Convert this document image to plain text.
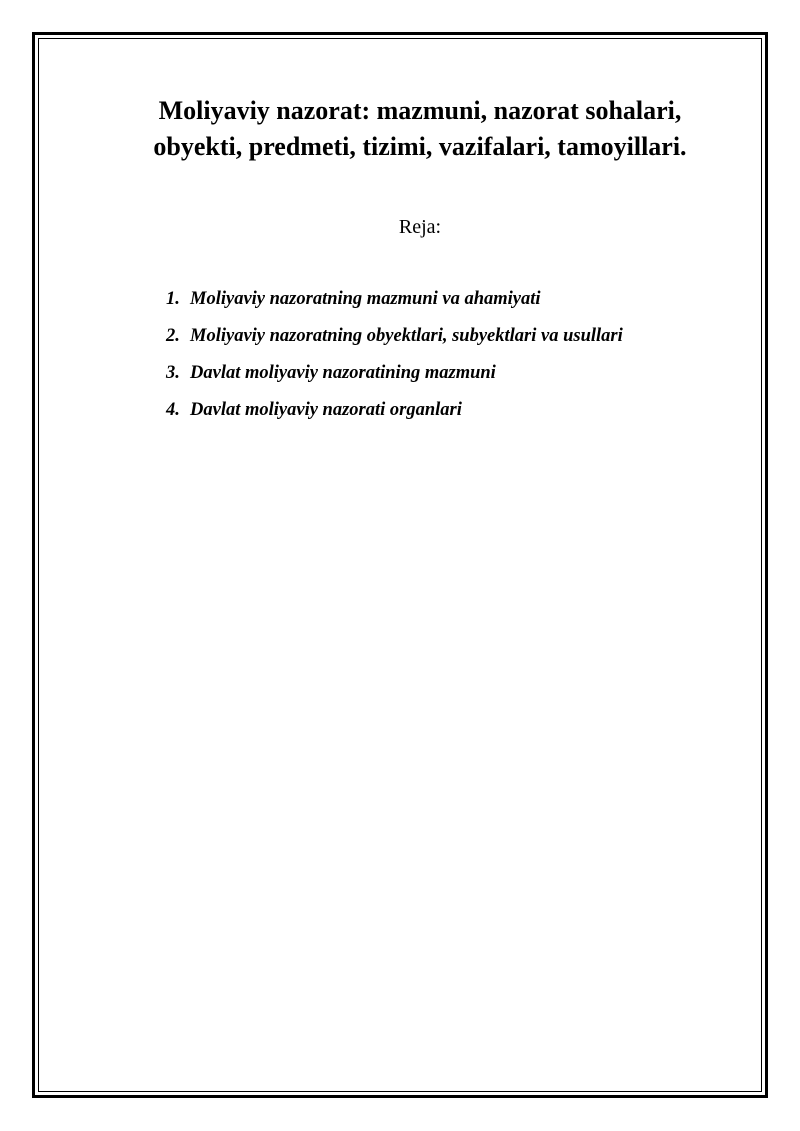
Moliyaviy nazorat: mazmuni, nazorat sohalari,
obyekti, predmeti, tizimi, vazifalari, tamoyillari.
Reja:
1. Moliyaviy nazoratning mazmuni va ahamiyati
2. Moliyaviy nazoratning obyektlari, subyektlari va usullari
3. Davlat moliyaviy nazoratining mazmuni
4. Davlat moliyaviy nazorati organlari
